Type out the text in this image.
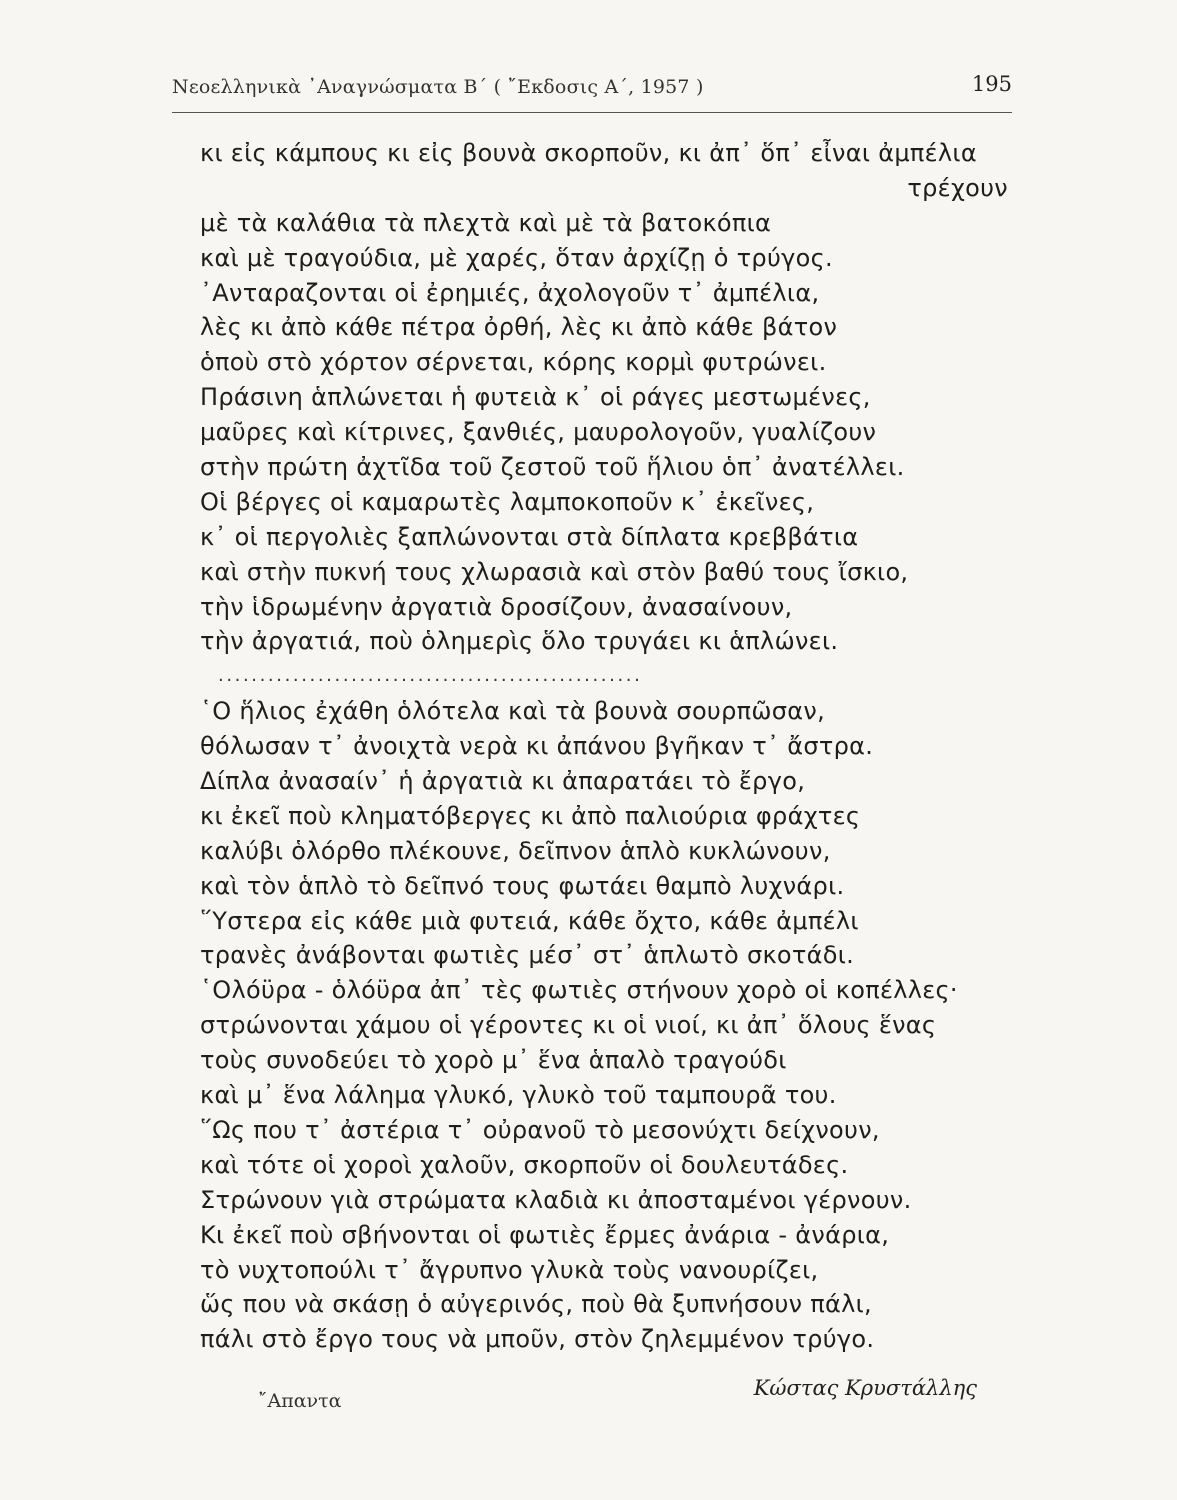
Νεοελληνικὰ ᾿Αναγνώσματα Β΄ ( ῎Εκδοσις Α΄, 1957 )	195
κι εἰς κάμπους κι εἰς βουνὰ σκορποῦν, κι ἀπ᾿ ὅπ᾿ εἶναι ἀμπέλια
τρέχουν
μὲ τὰ καλάθια τὰ πλεχτὰ καὶ μὲ τὰ βατοκόπια
καὶ μὲ τραγούδια, μὲ χαρές, ὅταν ἀρχίζῃ ὁ τρύγος.
᾿Ανταραζονται οἱ ἐρημιές, ἀχολογοῦν τ᾿ ἀμπέλια,
λὲς κι ἀπὸ κάθε πέτρα ὀρθή, λὲς κι ἀπὸ κάθε βάτον
ὁποὺ στὸ χόρτον σέρνεται, κόρης κορμὶ φυτρώνει.
Πράσινη ἁπλώνεται ἡ φυτειὰ κ᾿ οἱ ράγες μεστωμένες,
μαῦρες καὶ κίτρινες, ξανθιές, μαυρολογοῦν, γυαλίζουν
στὴν πρώτη ἀχτῖδα τοῦ ζεστοῦ τοῦ ἥλιου ὁπ᾿ ἀνατέλλει.
Οἱ βέργες οἱ καμαρωτὲς λαμποκοποῦν κ᾿ ἐκεῖνες,
κ᾿ οἱ περγολιὲς ξαπλώνονται στὰ δίπλατα κρεββάτια
καὶ στὴν πυκνή τους χλωρασιὰ καὶ στὸν βαθύ τους ἴσκιο,
τὴν ἱδρωμένην ἀργατιὰ δροσίζουν, ἀνασαίνουν,
τὴν ἀργατιά, ποὺ ὁλημερὶς ὅλο τρυγάει κι ἁπλώνει.
...................................................
῾Ο ἥλιος ἐχάθη ὁλότελα καὶ τὰ βουνὰ σουρπῶσαν,
θόλωσαν τ᾿ ἀνοιχτὰ νερὰ κι ἀπάνου βγῆκαν τ᾿ ἄστρα.
Δίπλα ἀνασαίν᾿ ἡ ἀργατιὰ κι ἀπαρατάει τὸ ἔργο,
κι ἐκεῖ ποὺ κληματόβεργες κι ἀπὸ παλιούρια φράχτες
καλύβι ὁλόρθο πλέκουνε, δεῖπνον ἁπλὸ κυκλώνουν,
καὶ τὸν ἁπλὸ τὸ δεῖπνό τους φωτάει θαμπὸ λυχνάρι.
῞Υστερα εἰς κάθε μιὰ φυτειά, κάθε ὄχτο, κάθε ἀμπέλι
τρανὲς ἀνάβονται φωτιὲς μέσ᾿ στ᾿ ἁπλωτὸ σκοτάδι.
῾Ολόϋρα - ὁλόϋρα ἀπ᾿ τὲς φωτιὲς στήνουν χορὸ οἱ κοπέλλες·
στρώνονται χάμου οἱ γέροντες κι οἱ νιοί, κι ἀπ᾿ ὅλους ἕνας
τοὺς συνοδεύει τὸ χορὸ μ᾿ ἕνα ἁπαλὸ τραγούδι
καὶ μ᾿ ἕνα λάλημα γλυκό, γλυκὸ τοῦ ταμπουρᾶ του.
῞Ως που τ᾿ ἀστέρια τ᾿ οὐρανοῦ τὸ μεσονύχτι δείχνουν,
καὶ τότε οἱ χοροὶ χαλοῦν, σκορποῦν οἱ δουλευτάδες.
Στρώνουν γιὰ στρώματα κλαδιὰ κι ἀποσταμένοι γέρνουν.
Κι ἐκεῖ ποὺ σβήνονται οἱ φωτιὲς ἔρμες ἀνάρια - ἀνάρια,
τὸ νυχτοπούλι τ᾿ ἄγρυπνο γλυκὰ τοὺς νανουρίζει,
ὥς που νὰ σκάσῃ ὁ αὐγερινός, ποὺ θὰ ξυπνήσουν πάλι,
πάλι στὸ ἔργο τους νὰ μποῦν, στὸν ζηλεμμένον τρύγο.
῎Απαντα
Κώστας Κρυστάλλης
